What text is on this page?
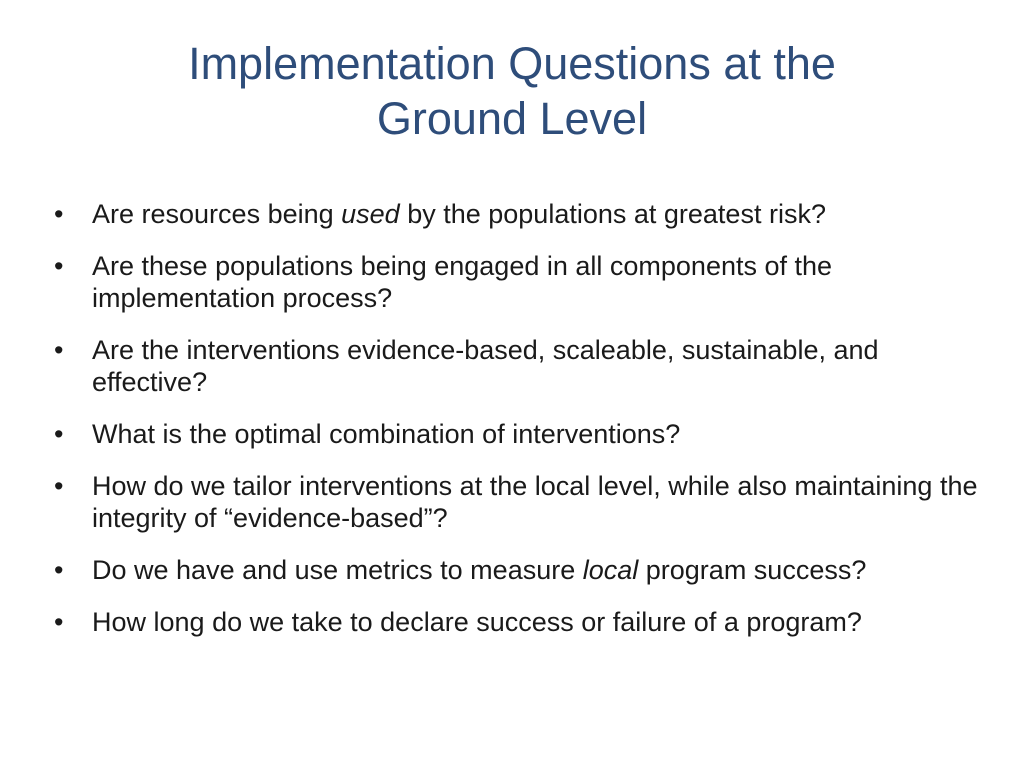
Implementation Questions at the
Ground Level
• Are resources being used by the populations at greatest risk?
• Are these populations being engaged in all components of the implementation process?
• Are the interventions evidence-based, scaleable, sustainable, and effective?
• What is the optimal combination of interventions?
• How do we tailor interventions at the local level, while also maintaining the integrity of “evidence-based”?
• Do we have and use metrics to measure local program success?
• How long do we take to declare success or failure of a program?
